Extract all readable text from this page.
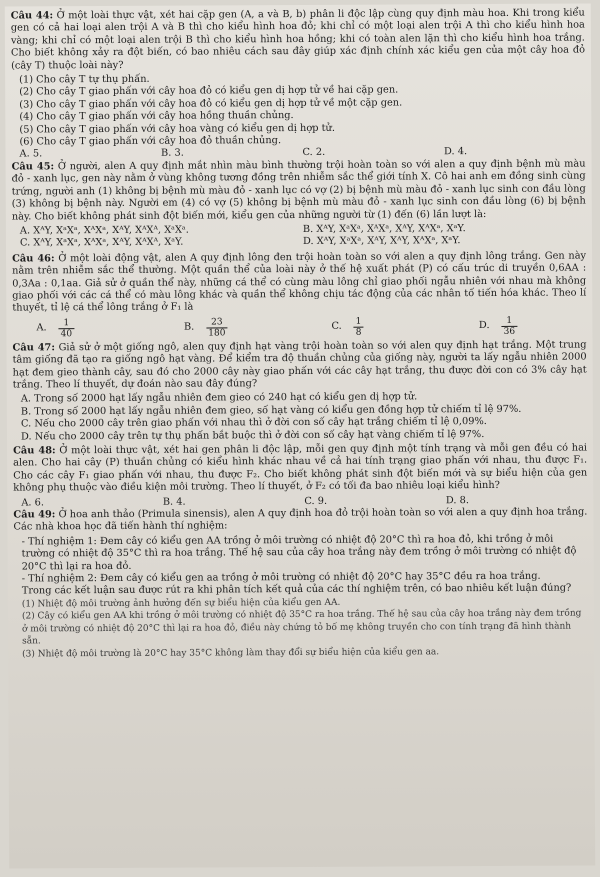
Câu 44: Ở một loài thực vật, xét hai cặp gen (A, a và B, b) phân li độc lập cùng quy định màu hoa. Khi trong kiểu gen có cả hai loại alen trội A và B thì cho kiểu hình hoa đỏ; khi chỉ có một loại alen trội A thì cho kiểu hình hoa vàng; khi chỉ có một loại alen trội B thì cho kiểu hình hoa hồng; khi có toàn alen lặn thì cho kiểu hình hoa trắng. Cho biết không xảy ra đột biến, có bao nhiêu cách sau đây giúp xác định chính xác kiểu gen của một cây hoa đỏ (cây T) thuộc loài này?
(1) Cho cây T tự thụ phấn.
(2) Cho cây T giao phấn với cây hoa đỏ có kiểu gen dị hợp tử về hai cặp gen.
(3) Cho cây T giao phấn với cây hoa đỏ có kiểu gen dị hợp tử về một cặp gen.
(4) Cho cây T giao phấn với cây hoa hồng thuần chủng.
(5) Cho cây T giao phấn với cây hoa vàng có kiểu gen dị hợp tử.
(6) Cho cây T giao phấn với cây hoa đỏ thuần chủng.
A. 5.	B. 3.	C. 2.	D. 4.
Câu 45: Ở người, alen A quy định mắt nhìn màu bình thường trội hoàn toàn so với alen a quy định bệnh mù màu đỏ - xanh lục, gen này nằm ở vùng không tương đồng trên nhiễm sắc thể giới tính X. Cô hai anh em đồng sinh cùng trứng, người anh (1) không bị bệnh mù màu đỏ - xanh lục có vợ (2) bị bệnh mù màu đỏ - xanh lục sinh con đầu lòng (3) không bị bệnh này. Người em (4) có vợ (5) không bị bệnh mù màu đỏ - xanh lục sinh con đầu lòng (6) bị bệnh này. Cho biết không phát sinh đột biến mới, kiểu gen của những người từ (1) đến (6) lần lượt là:
A. XᴬY, XᵃXᵃ, XᴬXᵃ, XᴬY, XᴬXᴬ, XᵃXᵃ.	B. XᴬY, XᵃXᵃ, XᴬXᵃ, XᴬY, XᴬXᵃ, XᵃY.
C. XᴬY, XᵃXᵃ, XᴬXᵃ, XᴬY, XᴬXᴬ, XᵃY.	D. XᴬY, XᵃXᵃ, XᴬY, XᴬY, XᴬXᵃ, XᵃY.
Câu 46: Ở một loài động vật, alen A quy định lông đen trội hoàn toàn so với alen a quy định lông trắng. Gen này nằm trên nhiễm sắc thể thường. Một quần thể của loài này ở thế hệ xuất phát (P) có cấu trúc di truyền 0,6AA : 0,3Aa : 0,1aa. Giả sử ở quần thể này, những cá thể có cùng màu lông chỉ giao phối ngẫu nhiên với nhau mà không giao phối với các cá thể có màu lông khác và quần thể không chịu tác động của các nhân tố tiến hóa khác. Theo lí thuyết, tỉ lệ cá thể lông trắng ở F₁ là
A. $\frac{1}{40}$	B. $\frac{23}{180}$	C. $\frac{1}{8}$	D. $\frac{1}{36}$
Câu 47: Giả sử ở một giống ngô, alen quy định hạt vàng trội hoàn toàn so với alen quy định hạt trắng. Một trung tâm giống đã tạo ra giống ngô hạt vàng. Để kiểm tra độ thuần chủng của giống này, người ta lấy ngẫu nhiên 2000 hạt đem gieo thành cây, sau đó cho 2000 cây này giao phấn với các cây hạt trắng, thu được đời con có 3% cây hạt trắng. Theo lí thuyết, dự đoán nào sau đây đúng?
A. Trong số 2000 hạt lấy ngẫu nhiên đem gieo có 240 hạt có kiểu gen dị hợp tử.
B. Trong số 2000 hạt lấy ngẫu nhiên đem gieo, số hạt vàng có kiểu gen đồng hợp tử chiếm tỉ lệ 97%.
C. Nếu cho 2000 cây trên giao phấn với nhau thì ở đời con số cây hạt trắng chiếm tỉ lệ 0,09%.
D. Nếu cho 2000 cây trên tự thụ phấn bắt buộc thì ở đời con số cây hạt vàng chiếm tỉ lệ 97%.
Câu 48: Ở một loài thực vật, xét hai gen phân li độc lập, mỗi gen quy định một tính trạng và mỗi gen đều có hai alen. Cho hai cây (P) thuần chủng có kiểu hình khác nhau về cả hai tính trạng giao phấn với nhau, thu được F₁. Cho các cây F₁ giao phấn với nhau, thu được F₂. Cho biết không phát sinh đột biến mới và sự biểu hiện của gen không phụ thuộc vào điều kiện môi trường. Theo lí thuyết, ở F₂ có tối đa bao nhiêu loại kiểu hình?
A. 6.	B. 4.	C. 9.	D. 8.
Câu 49: Ở hoa anh thảo (Primula sinensis), alen A quy định hoa đỏ trội hoàn toàn so với alen a quy định hoa trắng. Các nhà khoa học đã tiến hành thí nghiệm:
- Thí nghiệm 1: Đem cây có kiểu gen AA trồng ở môi trường có nhiệt độ 20°C thì ra hoa đỏ, khi trồng ở môi trường có nhiệt độ 35°C thì ra hoa trắng. Thế hệ sau của cây hoa trắng này đem trồng ở môi trường có nhiệt độ 20°C thì lại ra hoa đỏ.
- Thí nghiệm 2: Đem cây có kiểu gen aa trồng ở môi trường có nhiệt độ 20°C hay 35°C đều ra hoa trắng.
Trong các kết luận sau được rút ra khi phân tích kết quả của các thí nghiệm trên, có bao nhiêu kết luận đúng?
(1) Nhiệt độ môi trường ảnh hưởng đến sự biểu hiện của kiểu gen AA.
(2) Cây có kiểu gen AA khi trồng ở môi trường có nhiệt độ 35°C ra hoa trắng. Thế hệ sau của cây hoa trắng này đem trồng ở môi trường có nhiệt độ 20°C thì lại ra hoa đỏ, điều này chứng tỏ bố mẹ không truyền cho con tính trạng đã hình thành sẵn.
(3) Nhiệt độ môi trường là 20°C hay 35°C không làm thay đổi sự biểu hiện của kiểu gen aa.
